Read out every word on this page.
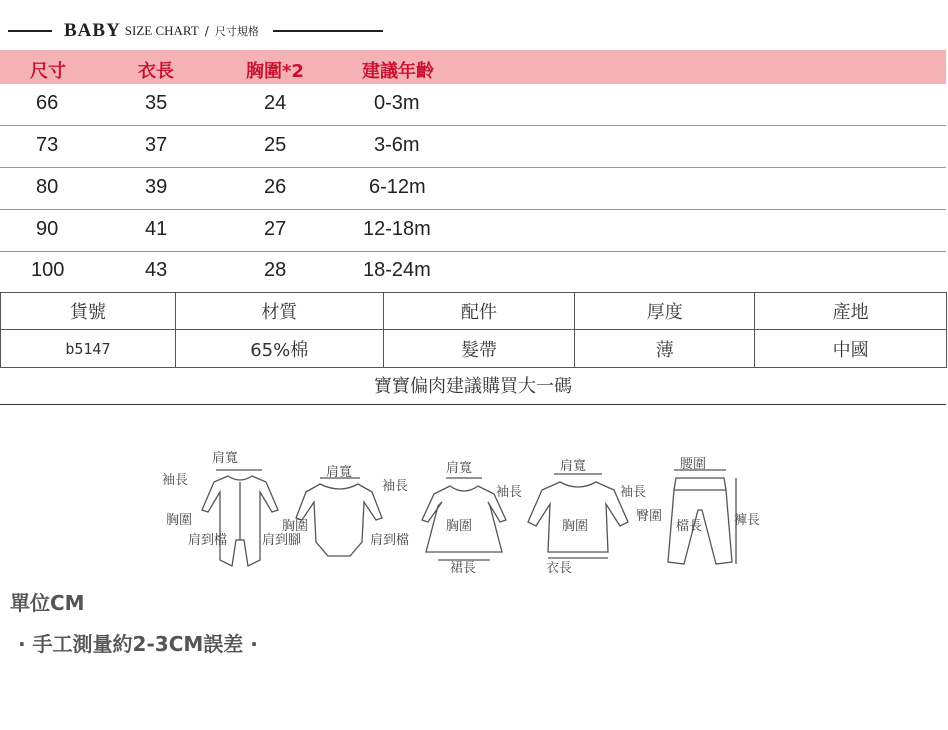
BABY SIZE CHART / 尺寸規格
尺寸	衣長	胸圍*2	建議年齡
66	35	24	0-3m
73	37	25	3-6m
80	39	26	6-12m
90	41	27	12-18m
100	43	28	18-24m
貨號	材質	配件	厚度	產地
b5147	65%棉	髮帶	薄	中國
寶寶偏肉建議購買大一碼
肩寬
袖長
胸圍
肩到檔	肩到腳
肩寬
袖長
胸圍
肩到檔
肩寬
袖長
胸圍
裙長
肩寬
袖長
胸圍
衣長
腰圍
臀圍
檔長 褲長
單位CM
· 手工測量約2-3CM誤差 ·
